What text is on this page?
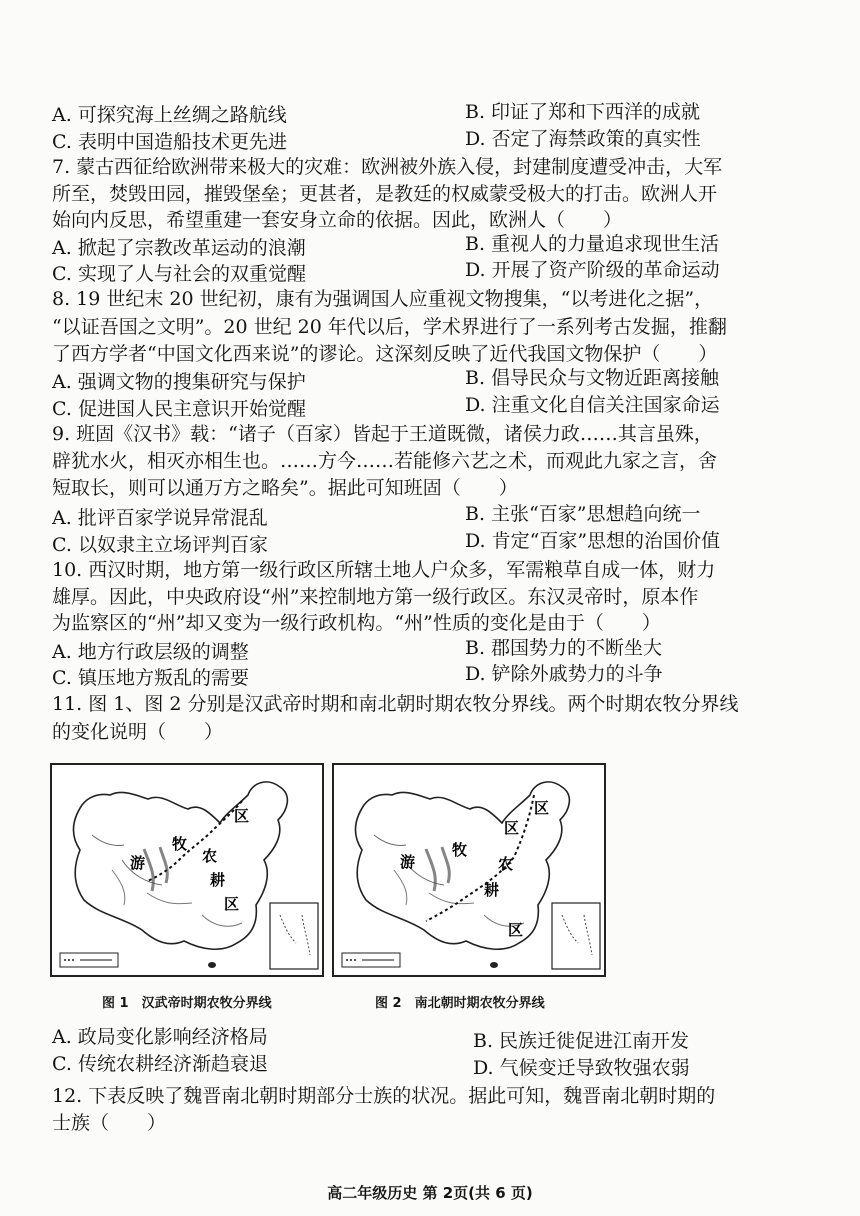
A. 可探究海上丝绸之路航线	B. 印证了郑和下西洋的成就
C. 表明中国造船技术更先进	D. 否定了海禁政策的真实性
7. 蒙古西征给欧洲带来极大的灾难：欧洲被外族入侵，封建制度遭受冲击，大军
所至，焚毁田园，摧毁堡垒；更甚者，是教廷的权威蒙受极大的打击。欧洲人开
始向内反思，希望重建一套安身立命的依据。因此，欧洲人（　　）
A. 掀起了宗教改革运动的浪潮	B. 重视人的力量追求现世生活
C. 实现了人与社会的双重觉醒	D. 开展了资产阶级的革命运动
8. 19 世纪末 20 世纪初，康有为强调国人应重视文物搜集，“以考进化之据”，
“以证吾国之文明”。20 世纪 20 年代以后，学术界进行了一系列考古发掘，推翻
了西方学者“中国文化西来说”的谬论。这深刻反映了近代我国文物保护（　　）
A. 强调文物的搜集研究与保护	B. 倡导民众与文物近距离接触
C. 促进国人民主意识开始觉醒	D. 注重文化自信关注国家命运
9. 班固《汉书》载：“诸子（百家）皆起于王道既微，诸侯力政……其言虽殊，
辟犹水火，相灭亦相生也。……方今……若能修六艺之术，而观此九家之言，舍
短取长，则可以通万方之略矣”。据此可知班固（　　）
A. 批评百家学说异常混乱	B. 主张“百家”思想趋向统一
C. 以奴隶主立场评判百家	D. 肯定“百家”思想的治国价值
10. 西汉时期，地方第一级行政区所辖土地人户众多，军需粮草自成一体，财力
雄厚。因此，中央政府设“州”来控制地方第一级行政区。东汉灵帝时，原本作
为监察区的“州”却又变为一级行政机构。“州”性质的变化是由于（　　）
A. 地方行政层级的调整	B. 郡国势力的不断坐大
C. 镇压地方叛乱的需要	D. 铲除外戚势力的斗争
11. 图 1、图 2 分别是汉武帝时期和南北朝时期农牧分界线。两个时期农牧分界线
的变化说明（　　）
游
牧
农
耕
区
区	区
区
游
牧
农
耕
区
图 1　汉武帝时期农牧分界线	图 2　南北朝时期农牧分界线
A. 政局变化影响经济格局	B. 民族迁徙促进江南开发
C. 传统农耕经济渐趋衰退	D. 气候变迁导致牧强农弱
12. 下表反映了魏晋南北朝时期部分士族的状况。据此可知，魏晋南北朝时期的
士族（　　）
高二年级历史 第 2页(共 6 页)
